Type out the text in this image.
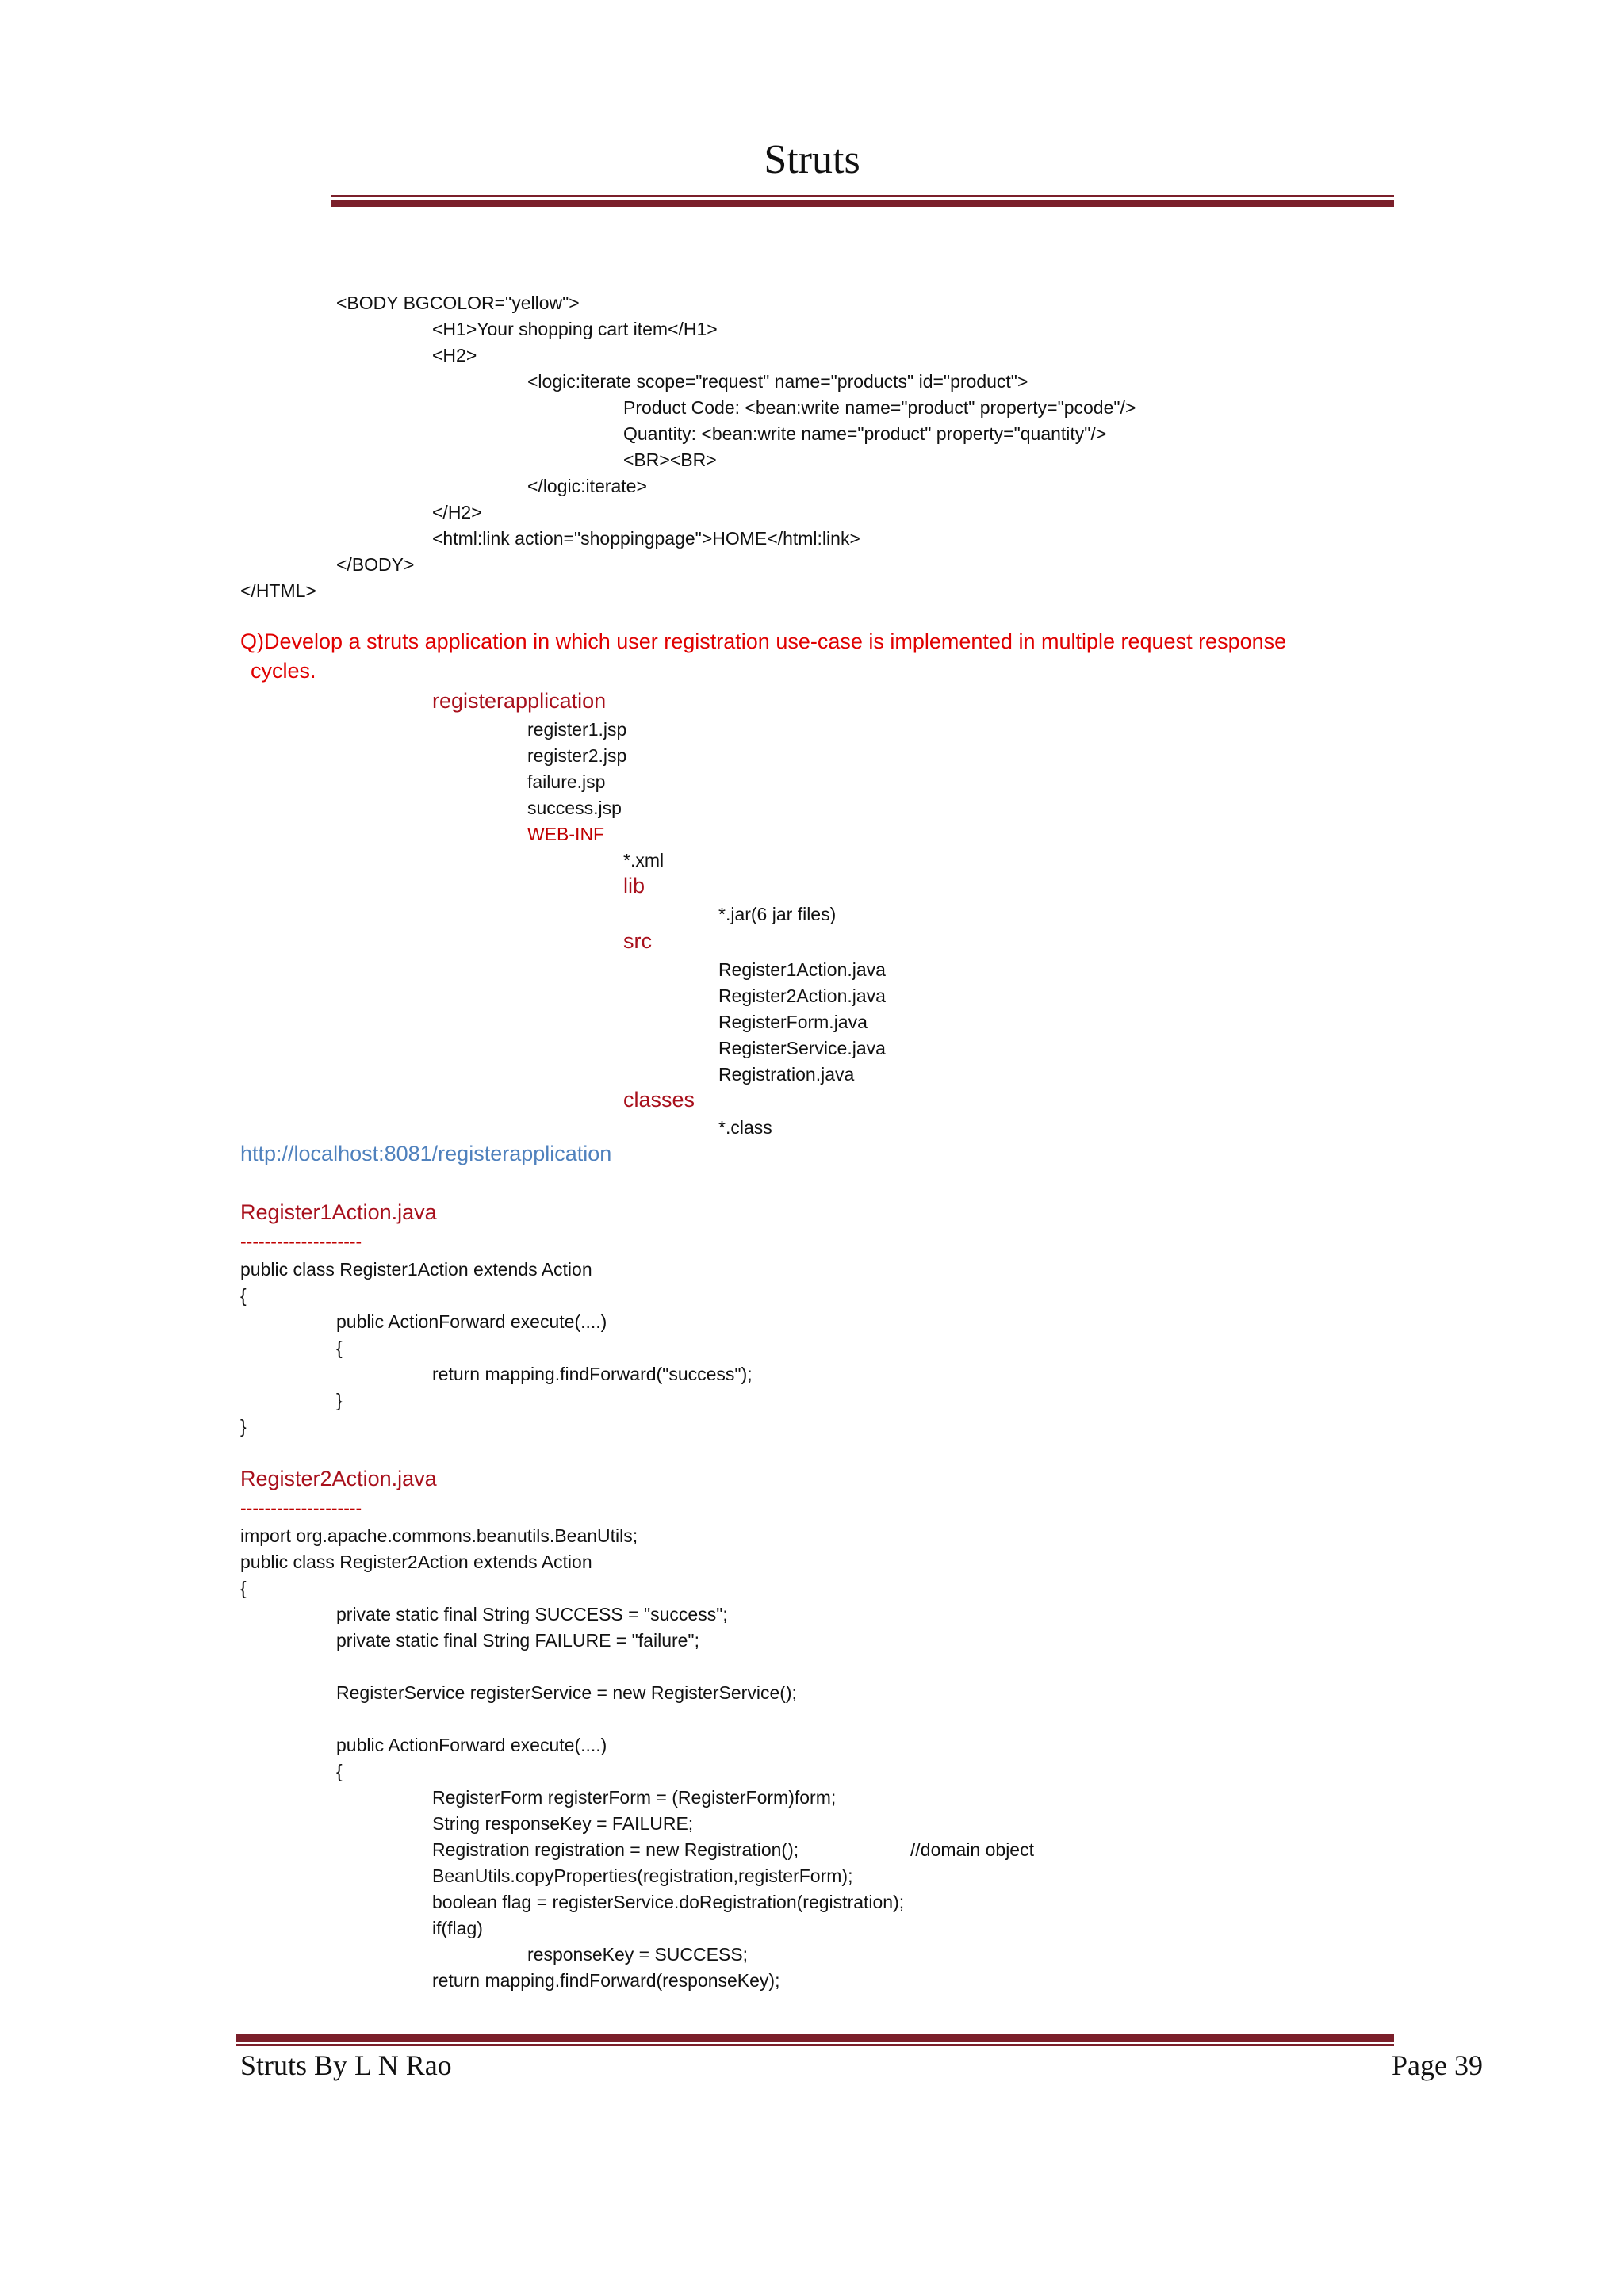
Struts
<BODY BGCOLOR="yellow">
<H1>Your shopping cart item</H1>
<H2>
<logic:iterate scope="request" name="products" id="product">
Product Code: <bean:write name="product" property="pcode"/>
Quantity: <bean:write name="product" property="quantity"/>
<BR><BR>
</logic:iterate>
</H2>
<html:link action="shoppingpage">HOME</html:link>
</BODY>
</HTML>
Q)Develop a struts application in which user registration use-case is implemented in multiple request response
cycles.
registerapplication
register1.jsp
register2.jsp
failure.jsp
success.jsp
WEB-INF
*.xml
lib
*.jar(6 jar files)
src
Register1Action.java
Register2Action.java
RegisterForm.java
RegisterService.java
Registration.java
classes
*.class
http://localhost:8081/registerapplication
Register1Action.java
--------------------
public class Register1Action extends Action
{
public ActionForward execute(....)
{
return mapping.findForward("success");
}
}
Register2Action.java
--------------------
import org.apache.commons.beanutils.BeanUtils;
public class Register2Action extends Action
{
private static final String SUCCESS = "success";
private static final String FAILURE = "failure";
RegisterService registerService = new RegisterService();
public ActionForward execute(....)
{
RegisterForm registerForm = (RegisterForm)form;
String responseKey = FAILURE;
Registration registration = new Registration();	//domain object
BeanUtils.copyProperties(registration,registerForm);
boolean flag = registerService.doRegistration(registration);
if(flag)
responseKey = SUCCESS;
return mapping.findForward(responseKey);
Struts By L N Rao	Page 39
